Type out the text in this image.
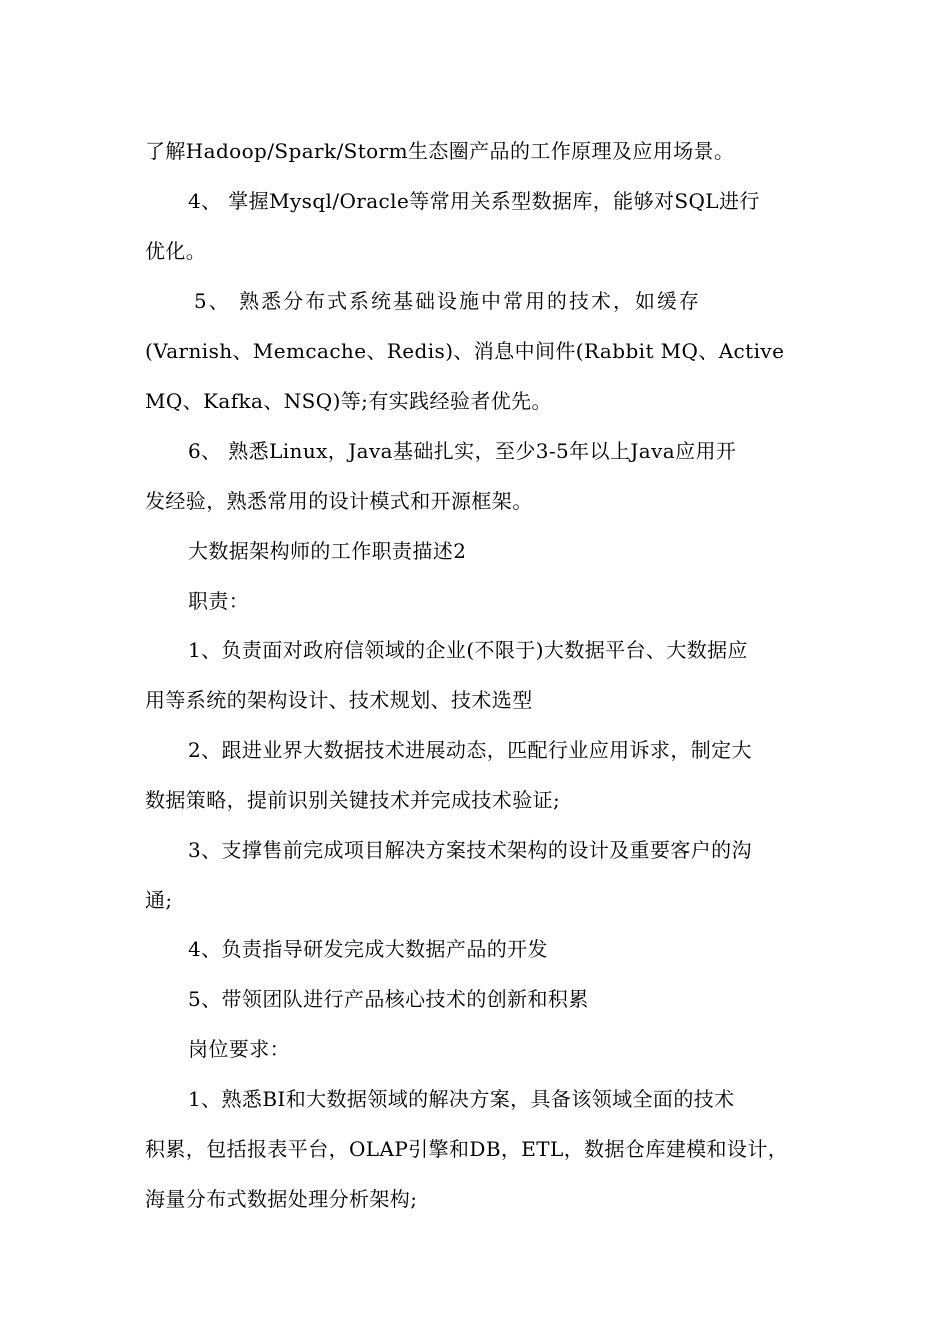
了解Hadoop/Spark/Storm生态圈产品的工作原理及应用场景。
4、 掌握Mysql/Oracle等常用关系型数据库，能够对SQL进行
优化。
5、 熟悉分布式系统基础设施中常用的技术，如缓存
(Varnish、Memcache、Redis)、消息中间件(Rabbit MQ、Active
MQ、Kafka、NSQ)等;有实践经验者优先。
6、 熟悉Linux，Java基础扎实，至少3-5年以上Java应用开
发经验，熟悉常用的设计模式和开源框架。
大数据架构师的工作职责描述2
职责：
1、负责面对政府信领域的企业(不限于)大数据平台、大数据应
用等系统的架构设计、技术规划、技术选型
2、跟进业界大数据技术进展动态，匹配行业应用诉求，制定大
数据策略，提前识别关键技术并完成技术验证;
3、支撑售前完成项目解决方案技术架构的设计及重要客户的沟
通;
4、负责指导研发完成大数据产品的开发
5、带领团队进行产品核心技术的创新和积累
岗位要求：
1、熟悉BI和大数据领域的解决方案，具备该领域全面的技术
积累，包括报表平台，OLAP引擎和DB，ETL，数据仓库建模和设计，
海量分布式数据处理分析架构;
